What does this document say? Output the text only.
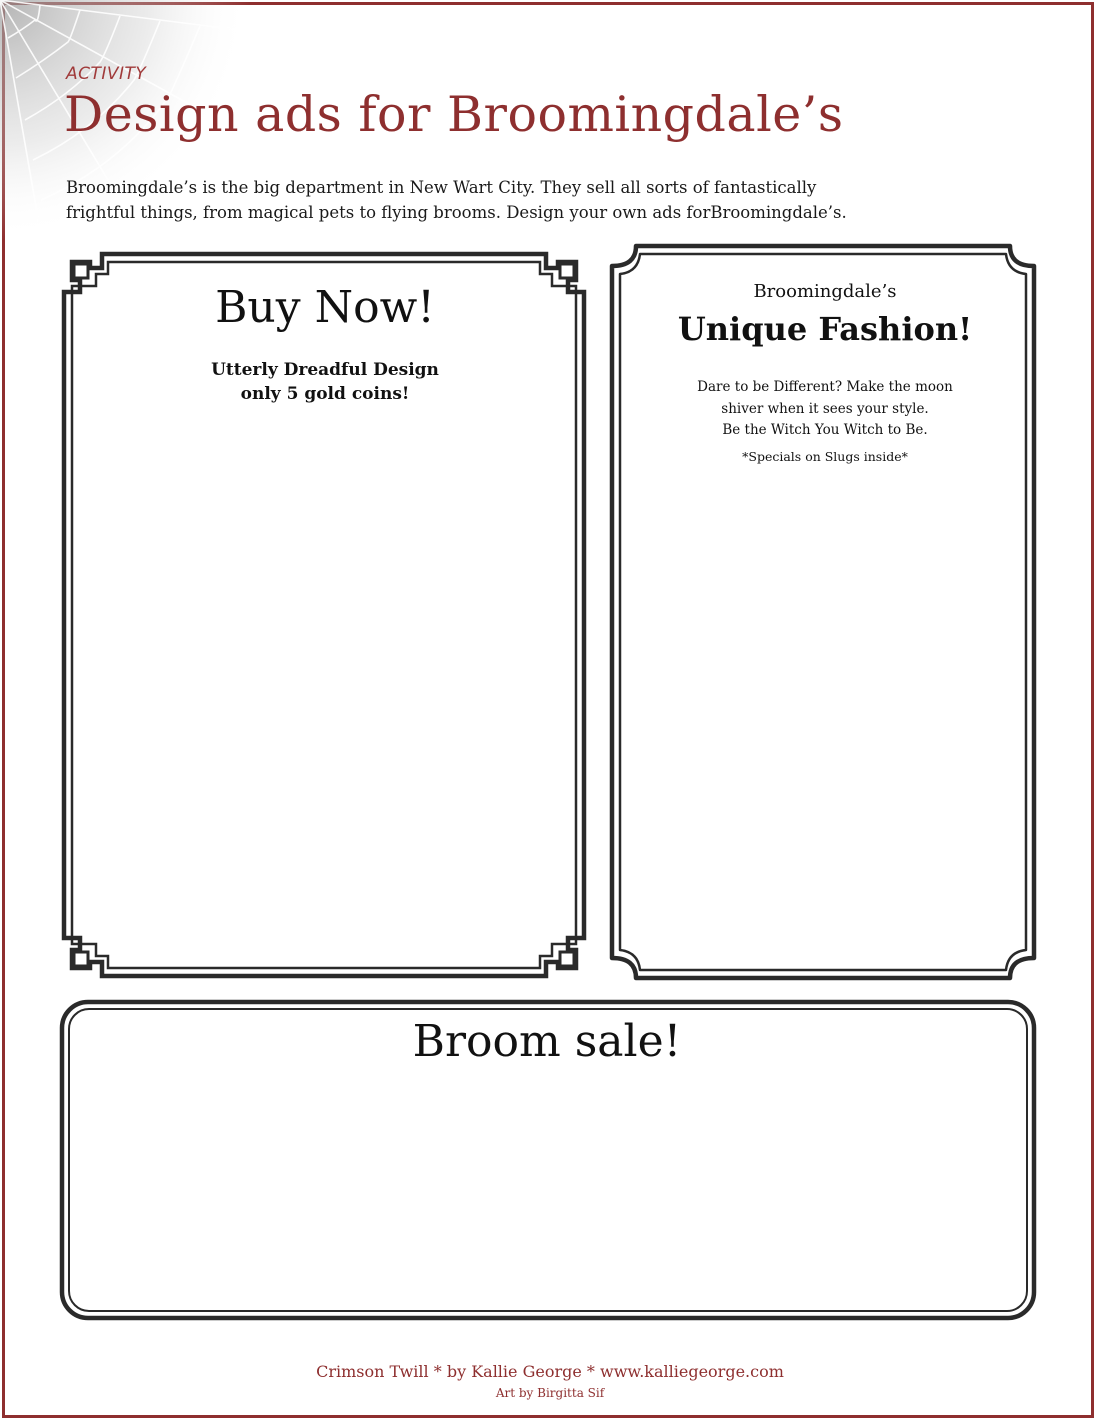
ACTIVITY
Design ads for Broomingdale’s
Broomingdale’s is the big department in New Wart City. They sell all sorts of fantastically
frightful things, from magical pets to flying brooms. Design your own ads forBroomingdale’s.
Buy Now!
Utterly Dreadful Design
only 5 gold coins!
Broomingdale’s
Unique Fashion!
Dare to be Different? Make the moon
shiver when it sees your style.
Be the Witch You Witch to Be.
*Specials on Slugs inside*
Broom sale!
Crimson Twill * by Kallie George * www.kalliegeorge.com
Art by Birgitta Sif
